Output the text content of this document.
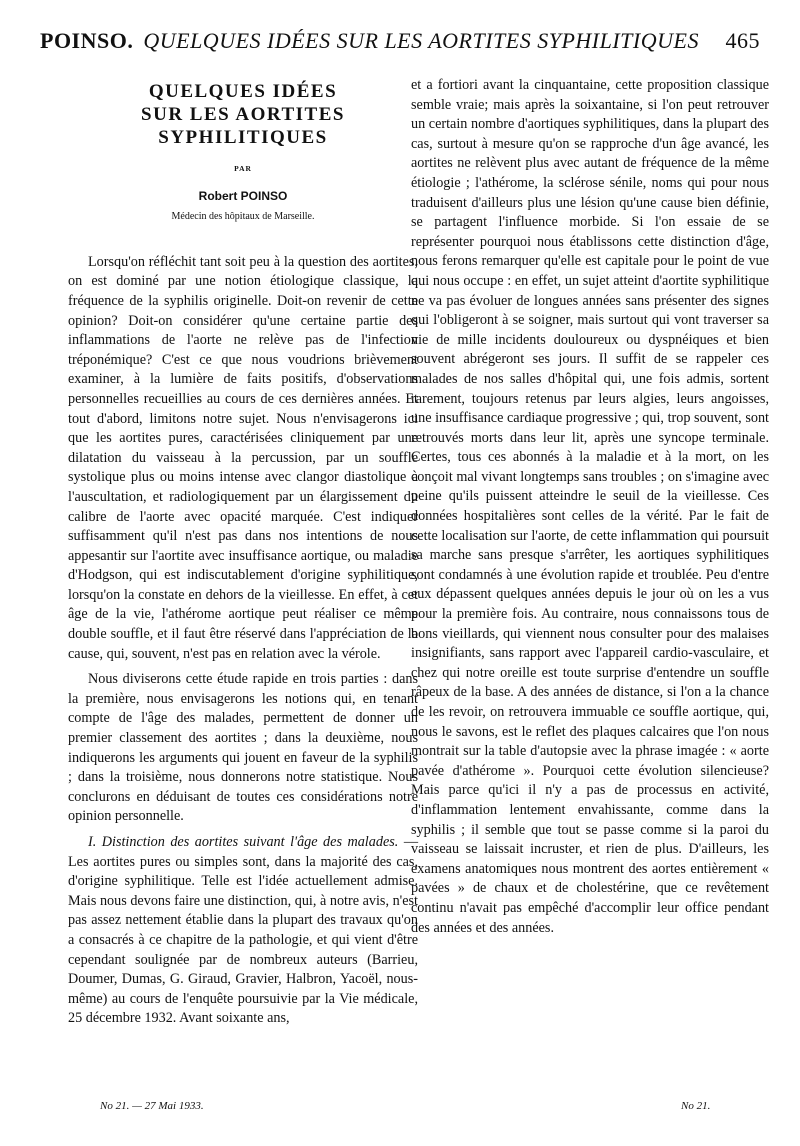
POINSO. QUELQUES IDÉES SUR LES AORTITES SYPHILITIQUES 465
QUELQUES IDÉES
SUR LES AORTITES
SYPHILITIQUES
PAR
Robert POINSO
Médecin des hôpitaux de Marseille.

Lorsqu'on réfléchit tant soit peu à la question des aortites, on est dominé par une notion étiologique classique, la fréquence de la syphilis originelle. Doit-on revenir de cette opinion? Doit-on considérer qu'une certaine partie des inflammations de l'aorte ne relève pas de l'infection tréponémique? C'est ce que nous voudrions brièvement examiner, à la lumière de faits positifs, d'observations personnelles recueillies au cours de ces dernières années. Et tout d'abord, limitons notre sujet. Nous n'envisagerons ici que les aortites pures, caractérisées cliniquement par une dilatation du vaisseau à la percussion, par un souffle systolique plus ou moins intense avec clangor diastolique à l'auscultation, et radiologiquement par un élargissement du calibre de l'aorte avec opacité marquée. C'est indiquer suffisamment qu'il n'est pas dans nos intentions de nous appesantir sur l'aortite avec insuffisance aortique, ou maladie d'Hodgson, qui est indiscutablement d'origine syphilitique, lorsqu'on la constate en dehors de la vieillesse. En effet, à cet âge de la vie, l'athérome aortique peut réaliser ce même double souffle, et il faut être réservé dans l'appréciation de la cause, qui, souvent, n'est pas en relation avec la vérole.

Nous diviserons cette étude rapide en trois parties : dans la première, nous envisagerons les notions qui, en tenant compte de l'âge des malades, permettent de donner un premier classement des aortites ; dans la deuxième, nous indiquerons les arguments qui jouent en faveur de la syphilis ; dans la troisième, nous donnerons notre statistique. Nous conclurons en déduisant de toutes ces considérations notre opinion personnelle.

I. Distinction des aortites suivant l'âge des malades. — Les aortites pures ou simples sont, dans la majorité des cas, d'origine syphilitique. Telle est l'idée actuellement admise. Mais nous devons faire une distinction, qui, à notre avis, n'est pas assez nettement établie dans la plupart des travaux qu'on a consacrés à ce chapitre de la pathologie, et qui vient d'être cependant soulignée par de nombreux auteurs (Barrieu, Doumer, Dumas, G. Giraud, Gravier, Halbron, Yacoël, nous-même) au cours de l'enquête poursuivie par la Vie médicale, 25 décembre 1932. Avant soixante ans,

et a fortiori avant la cinquantaine, cette proposition classique semble vraie; mais après la soixantaine, si l'on peut retrouver un certain nombre d'aortiques syphilitiques, dans la plupart des cas, surtout à mesure qu'on se rapproche d'un âge avancé, les aortites ne relèvent plus avec autant de fréquence de la même étiologie ; l'athérome, la sclérose sénile, noms qui pour nous traduisent d'ailleurs plus une lésion qu'une cause bien définie, se partagent l'influence morbide. Si l'on essaie de se représenter pourquoi nous établissons cette distinction d'âge, nous ferons remarquer qu'elle est capitale pour le point de vue qui nous occupe : en effet, un sujet atteint d'aortite syphilitique ne va pas évoluer de longues années sans présenter des signes qui l'obligeront à se soigner, mais surtout qui vont traverser sa vie de mille incidents douloureux ou dyspnéiques et bien souvent abrégeront ses jours. Il suffit de se rappeler ces malades de nos salles d'hôpital qui, une fois admis, sortent rarement, toujours retenus par leurs algies, leurs angoisses, une insuffisance cardiaque progressive ; qui, trop souvent, sont retrouvés morts dans leur lit, après une syncope terminale. Certes, tous ces abonnés à la maladie et à la mort, on les conçoit mal vivant longtemps sans troubles ; on s'imagine avec peine qu'ils puissent atteindre le seuil de la vieillesse. Ces données hospitalières sont celles de la vérité. Par le fait de cette localisation sur l'aorte, de cette inflammation qui poursuit sa marche sans presque s'arrêter, les aortiques syphilitiques sont condamnés à une évolution rapide et troublée. Peu d'entre eux dépassent quelques années depuis le jour où on les a vus pour la première fois. Au contraire, nous connaissons tous de bons vieillards, qui viennent nous consulter pour des malaises insignifiants, sans rapport avec l'appareil cardio-vasculaire, et chez qui notre oreille est toute surprise d'entendre un souffle râpeux de la base. A des années de distance, si l'on a la chance de les revoir, on retrouvera immuable ce souffle aortique, qui, nous le savons, est le reflet des plaques calcaires que l'on nous montrait sur la table d'autopsie avec la phrase imagée : « aorte pavée d'athérome ». Pourquoi cette évolution silencieuse? Mais parce qu'ici il n'y a pas de processus en activité, d'inflammation lentement envahissante, comme dans la syphilis ; il semble que tout se passe comme si la paroi du vaisseau se laissait incruster, et rien de plus. D'ailleurs, les examens anatomiques nous montrent des aortes entièrement « pavées » de chaux et de cholestérine, que ce revêtement continu n'avait pas empêché d'accomplir leur office pendant des années et des années.

No 21. — 27 Mai 1933.	No 21.
